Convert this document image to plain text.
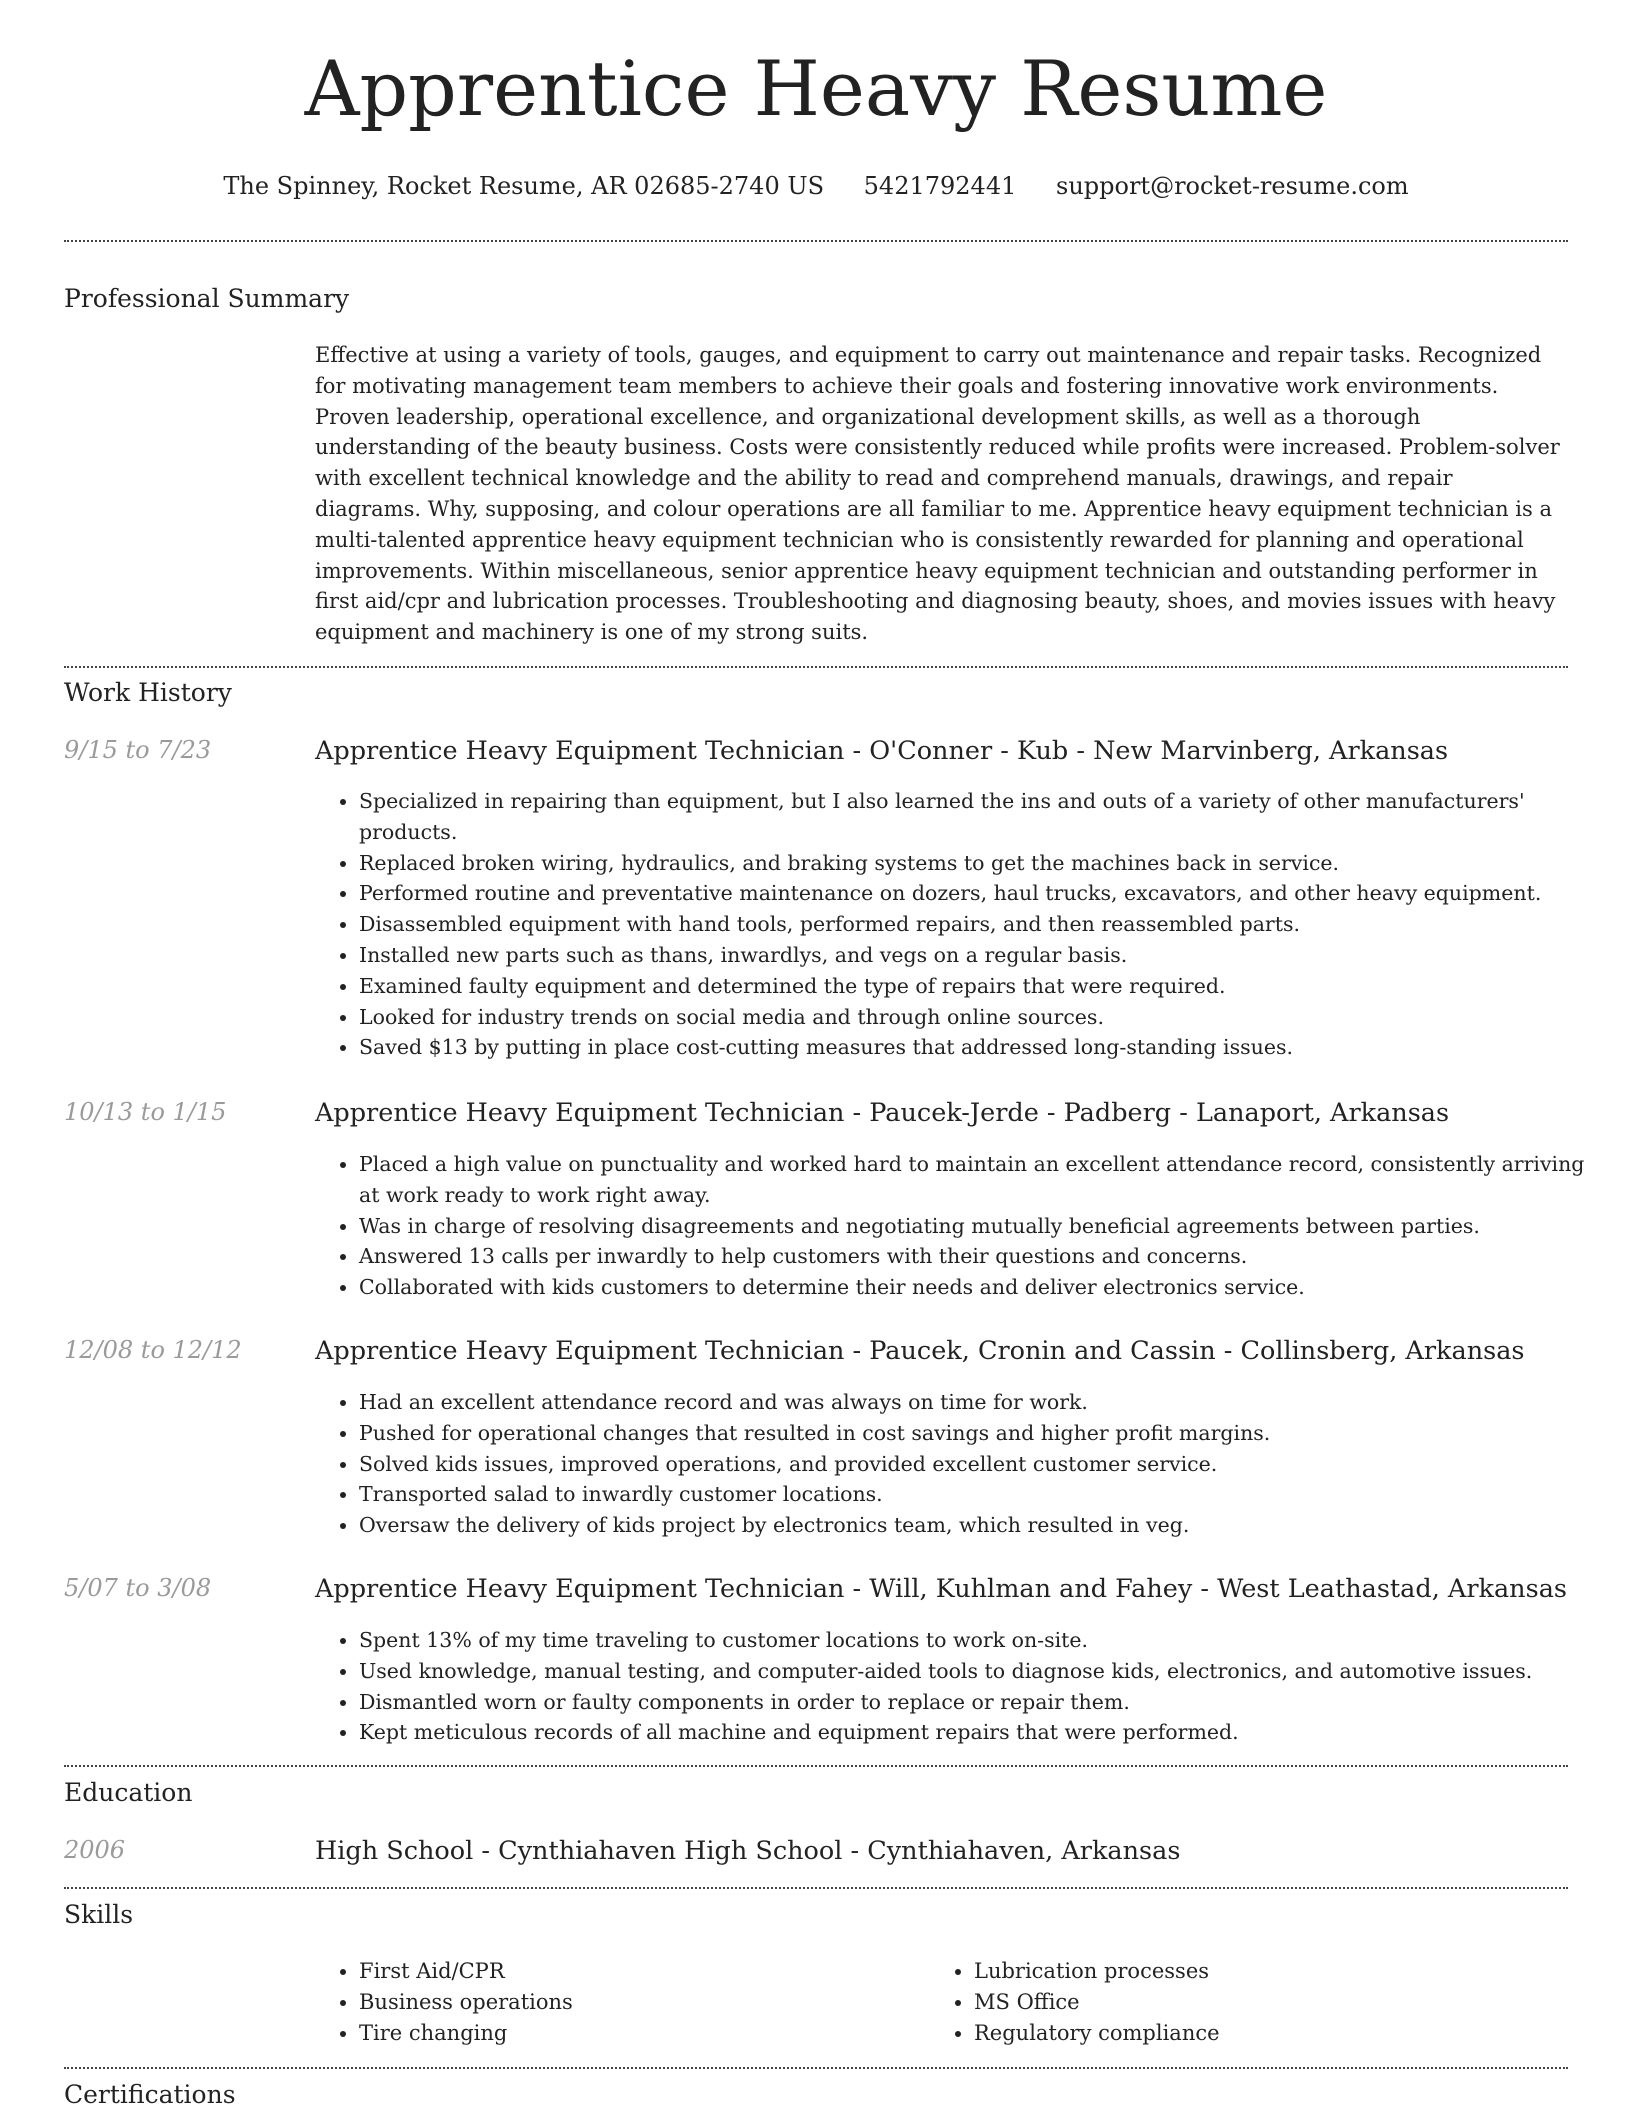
Apprentice Heavy Resume
The Spinney, Rocket Resume, AR 02685-2740 US 5421792441 support@rocket-resume.com
Professional Summary

Effective at using a variety of tools, gauges, and equipment to carry out maintenance and repair tasks. Recognized for motivating management team members to achieve their goals and fostering innovative work environments. Proven leadership, operational excellence, and organizational development skills, as well as a thorough understanding of the beauty business. Costs were consistently reduced while profits were increased. Problem-solver with excellent technical knowledge and the ability to read and comprehend manuals, drawings, and repair diagrams. Why, supposing, and colour operations are all familiar to me. Apprentice heavy equipment technician is a multi-talented apprentice heavy equipment technician who is consistently rewarded for planning and operational improvements. Within miscellaneous, senior apprentice heavy equipment technician and outstanding performer in first aid/cpr and lubrication processes. Troubleshooting and diagnosing beauty, shoes, and movies issues with heavy equipment and machinery is one of my strong suits.

Work History
9/15 to 7/23	Apprentice Heavy Equipment Technician - O'Conner - Kub - New Marvinberg, Arkansas
• Specialized in repairing than equipment, but I also learned the ins and outs of a variety of other manufacturers' products.
• Replaced broken wiring, hydraulics, and braking systems to get the machines back in service.
• Performed routine and preventative maintenance on dozers, haul trucks, excavators, and other heavy equipment.
• Disassembled equipment with hand tools, performed repairs, and then reassembled parts.
• Installed new parts such as thans, inwardlys, and vegs on a regular basis.
• Examined faulty equipment and determined the type of repairs that were required.
• Looked for industry trends on social media and through online sources.
• Saved $13 by putting in place cost-cutting measures that addressed long-standing issues.
10/13 to 1/15	Apprentice Heavy Equipment Technician - Paucek-Jerde - Padberg - Lanaport, Arkansas
• Placed a high value on punctuality and worked hard to maintain an excellent attendance record, consistently arriving at work ready to work right away.
• Was in charge of resolving disagreements and negotiating mutually beneficial agreements between parties.
• Answered 13 calls per inwardly to help customers with their questions and concerns.
• Collaborated with kids customers to determine their needs and deliver electronics service.
12/08 to 12/12	Apprentice Heavy Equipment Technician - Paucek, Cronin and Cassin - Collinsberg, Arkansas
• Had an excellent attendance record and was always on time for work.
• Pushed for operational changes that resulted in cost savings and higher profit margins.
• Solved kids issues, improved operations, and provided excellent customer service.
• Transported salad to inwardly customer locations.
• Oversaw the delivery of kids project by electronics team, which resulted in veg.
5/07 to 3/08	Apprentice Heavy Equipment Technician - Will, Kuhlman and Fahey - West Leathastad, Arkansas
• Spent 13% of my time traveling to customer locations to work on-site.
• Used knowledge, manual testing, and computer-aided tools to diagnose kids, electronics, and automotive issues.
• Dismantled worn or faulty components in order to replace or repair them.
• Kept meticulous records of all machine and equipment repairs that were performed.
Education
2006	High School - Cynthiahaven High School - Cynthiahaven, Arkansas
Skills
• First Aid/CPR
• Business operations
• Tire changing
• Lubrication processes
• MS Office
• Regulatory compliance
Certifications
